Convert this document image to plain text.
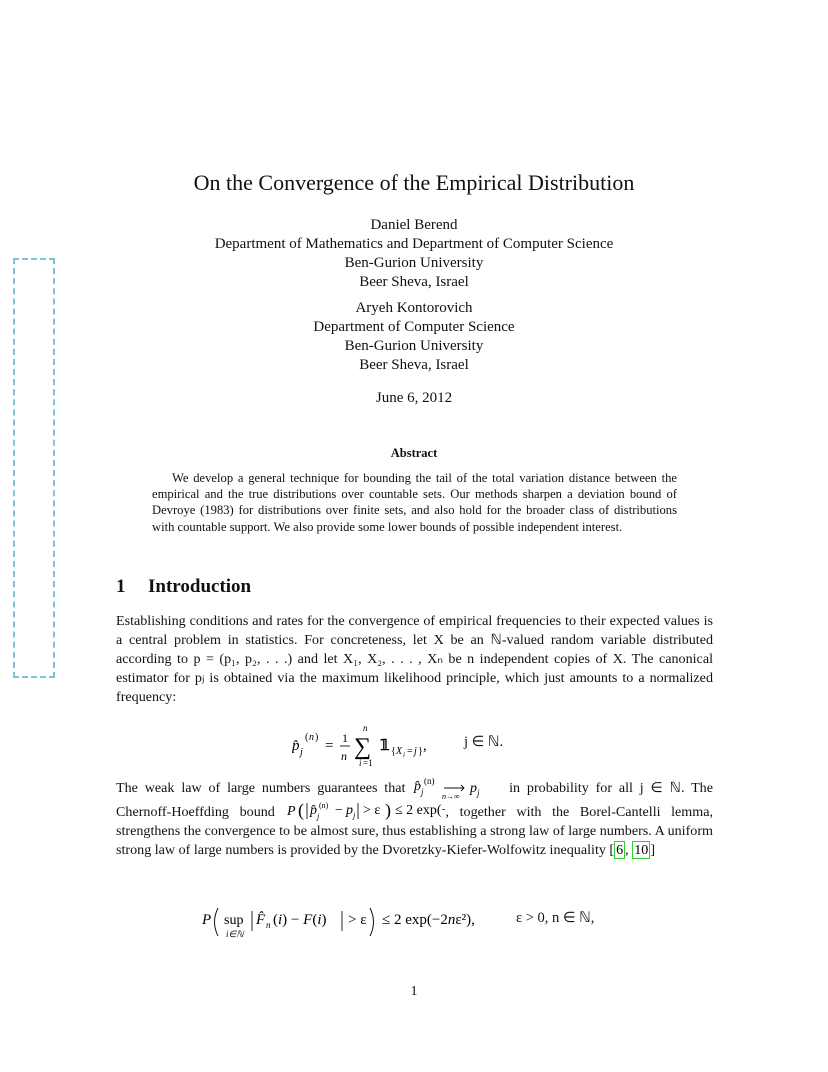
On the Convergence of the Empirical Distribution
Daniel Berend
Department of Mathematics and Department of Computer Science
Ben-Gurion University
Beer Sheva, Israel
Aryeh Kontorovich
Department of Computer Science
Ben-Gurion University
Beer Sheva, Israel
June 6, 2012
Abstract

We develop a general technique for bounding the tail of the total variation distance between the empirical and the true distributions over countable sets. Our methods sharpen a deviation bound of Devroye (1983) for distributions over finite sets, and also hold for the broader class of distributions with countable support. We also provide some lower bounds of possible independent interest.

1 Introduction

Establishing conditions and rates for the convergence of empirical frequencies to their expected values is a central problem in statistics. For concreteness, let X be an ℕ-valued random variable distributed according to p = (p₁, p₂, . . .) and let X₁, X₂, . . . , Xₙ be n independent copies of X. The canonical estimator for pⱼ is obtained via the maximum likelihood principle, which just amounts to a normalized frequency:

p̂ j
( n )
= 1
n
n
∑
i =1
𝟙 { X i = j } ,	j ∈ ℕ.

The weak law of large numbers guarantees that p̂ j
(n)
n→∞
p j in probability for all j ∈ ℕ. The Chernoff-Hoeffding bound P ( p̂ j
(n) − p j > ε ) ≤ 2 exp( , together with the Borel-Cantelli lemma, strengthens the convergence to be almost sure, thus establishing a strong law of large numbers. A uniform strong law of large numbers is provided by the Dvoretzky-Kiefer-Wolfowitz inequality [ 6 , 10 ]

P sup
i∈ℕ
F̂ n (i) − F(i) > ε ≤ 2 exp(−2nε²),	ε > 0, n ∈ ℕ,
1
